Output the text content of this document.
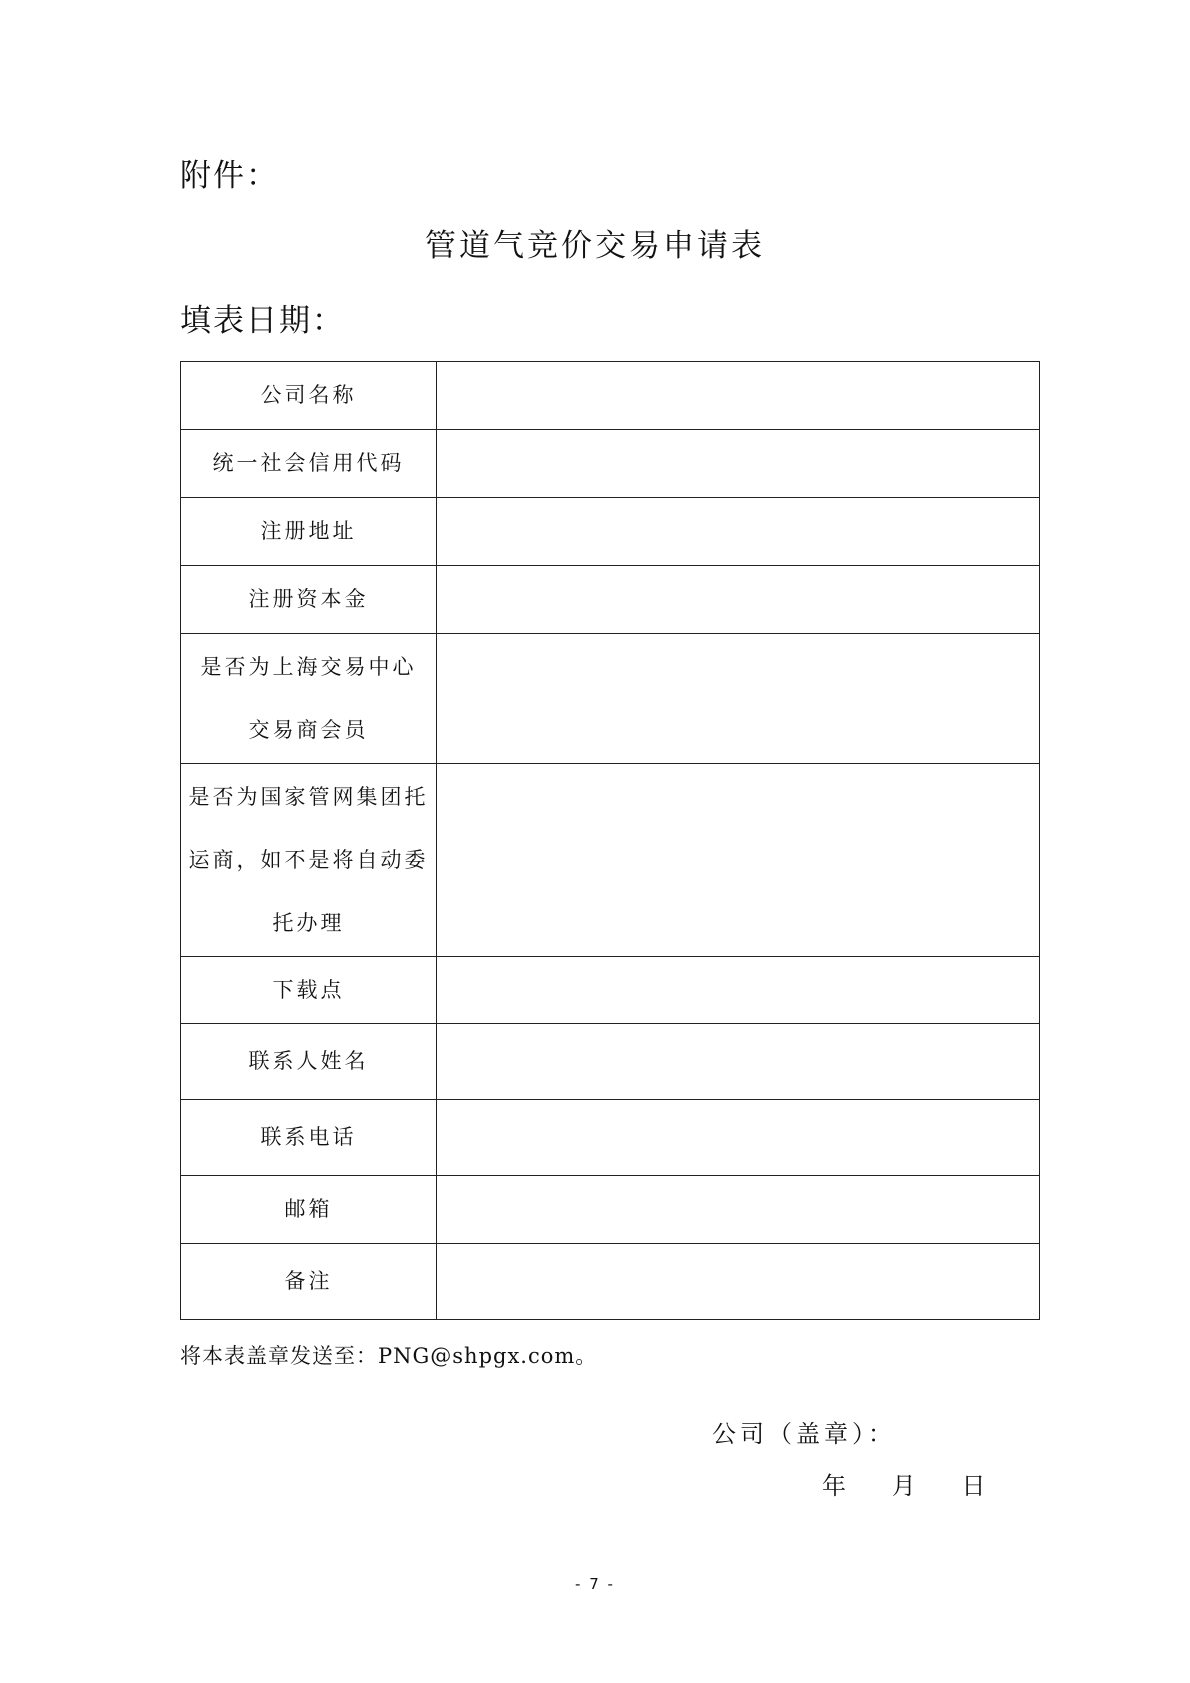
附件：
管道气竞价交易申请表
填表日期：
公司名称	
统一社会信用代码	
注册地址	
注册资本金	
是否为上海交易中心交易商会员	
是否为国家管网集团托运商，如不是将自动委托办理	
下载点	
联系人姓名	
联系电话	
邮箱	
备注	
将本表盖章发送至：PNG@shpgx.com。
公司（盖章）：
年      月      日
- 7 -
